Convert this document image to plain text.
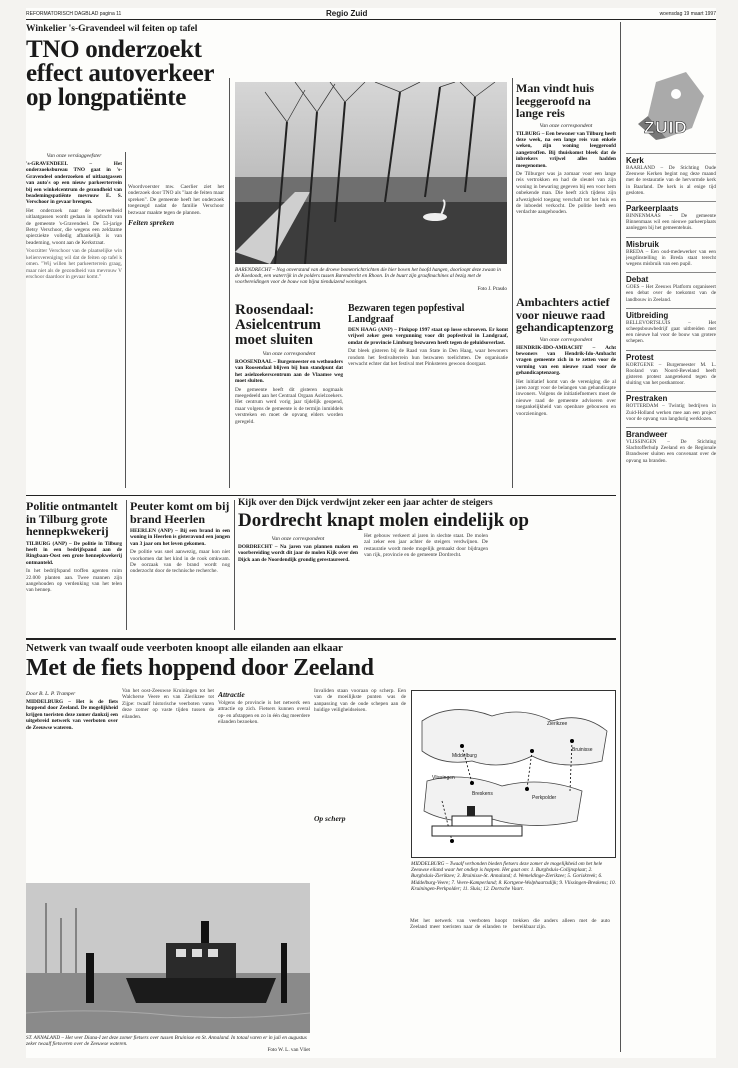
REFORMATORISCH DAGBLAD pagina 11	Regio Zuid	woensdag 19 maart 1997
Winkelier 's-Gravendeel wil feiten op tafel
TNO onderzoekt effect autoverkeer op longpatiënte
Van onze verslaggeefster
's-GRAVENDEEL – Het onderzoeksbureau TNO gaat in 's-Gravendeel onderzoeken of uitlaatgassen van auto's op een nieuw parkeerterrein bij een winkelcentrum de gezondheid van beademingspatiënte mevrouw E. S. Verschoor in gevaar brengen.
Het onderzoek naar de hoeveelheid uitlaatgassen wordt gedaan in opdracht van de gemeente 's-Gravendeel. De 53-jarige Betsy Verschoor, die wegens een zeldzame spierziekte volledig afhankelijk is van beademing, woont aan de Kerkstraat.
Voorzitter Verschoor van de plaatselijke winkeliersvereniging wil dat de feiten op tafel komen. "Wij willen het parkeerterrein graag, maar niet als de gezondheid van mevrouw Verschoor daardoor in gevaar komt."
Woordvoerster mw. Caerlier ziet het onderzoek door TNO als "laat de feiten maar spreken". De gemeente heeft het onderzoek toegezegd nadat de familie Verschoor bezwaar maakte tegen de plannen.
Feiten spreken
BARENDRECHT – Nog onverstand van de droeve bomenrichtrichten die hier boven het hoofd hangen, doorloopt deze zwaan in de Koedoodt, een waterrijk in de polders tussen Barendrecht en Rhoon. In de buurt zijn graafmachines al bezig met de voorbereidingen voor de bouw van bijna tienduizend woningen.
Foto J. Prasdo
Roosendaal: Asielcentrum moet sluiten
Van onze correspondent
ROOSENDAAL – Burgemeester en wethouders van Roosendaal blijven bij hun standpunt dat het asielzoekerscentrum aan de Vlaamse weg moet sluiten.
De gemeente heeft dit gisteren nogmaals meegedeeld aan het Centraal Orgaan Asielzoekers. Het centrum werd vorig jaar tijdelijk geopend, maar volgens de gemeente is de termijn inmiddels verstreken en moet de opvang elders worden geregeld.
Bezwaren tegen popfestival Landgraaf
DEN HAAG (ANP) – Pinkpop 1997 staat op losse schroeven. Er komt vrijwel zeker geen vergunning voor dit popfestival in Landgraaf, omdat de provincie Limburg bezwaren heeft tegen de geluidsoverlast.
Dat bleek gisteren bij de Raad van State in Den Haag, waar bewoners rondom het festivalterrein hun bezwaren toelichtten. De organisatie verwacht echter dat het festival met Pinksteren gewoon doorgaat.
Man vindt huis leeggeroofd na lange reis
Van onze correspondent
TILBURG – Een bewoner van Tilburg heeft deze week, na een lange reis van enkele weken, zijn woning leeggeroofd aangetroffen. Bij thuiskomst bleek dat de inbrekers vrijwel alles hadden meegenomen.
De Tilburger was ja zomaar voor een lange reis vertrokken en had de sleutel van zijn woning in bewaring gegeven bij een voor hem onbekende man. Die heeft zich tijdens zijn afwezigheid toegang verschaft tot het huis en de inboedel verkocht. De politie heeft een verdachte aangehouden.
Ambachters actief voor nieuwe raad gehandicaptenzorg
Van onze correspondent
HENDRIK-IDO-AMBACHT – Acht bewoners van Hendrik-Ido-Ambacht vragen gemeente zich in te zetten voor de vorming van een nieuwe raad voor de gehandicaptenzorg.
Het initiatief komt van de vereniging die al jaren zorgt voor de belangen van gehandicapte inwoners. Volgens de initiatiefnemers moet de nieuwe raad de gemeente adviseren over toegankelijkheid van openbare gebouwen en voorzieningen.
ZUID
Kerk
BAARLAND – De Stichting Oude Zeeuwse Kerken begint nog deze maand met de restauratie van de hervormde kerk in Baarland. De kerk is al enige tijd gesloten.
Parkeerplaats
BINNENMAAS – De gemeente Binnenmaas wil een nieuwe parkeerplaats aanleggen bij het gemeentehuis.
Misbruik
BREDA – Een oud-medewerker van een jeugdinstelling in Breda staat terecht wegens misbruik van een pupil.
Debat
GOES – Het Zeeuws Platform organiseert een debat over de toekomst van de landbouw in Zeeland.
Uitbreiding
BELLEVORTSLUIS – Het scheepsbouwbedrijf gaat uitbreiden met een nieuwe hal voor de bouw van grotere schepen.
Protest
KORTGENE – Burgemeester M. L. Rooland van Noord-Beveland heeft gisteren protest aangetekend tegen de sluiting van het postkantoor.
Prestraken
ROTTERDAM – Twintig bedrijven in Zuid-Holland werken mee aan een project voor de opvang van langdurig werklozen.
Brandweer
VLISSINGEN – De Stichting Slachtofferhulp Zeeland en de Regionale Brandweer sluiten een convenant over de opvang na branden.
Politie ontmantelt in Tilburg grote hennepkwekerij
TILBURG (ANP) – De politie in Tilburg heeft in een bedrijfspand aan de Ringbaan-Oost een grote hennepkwekerij ontmanteld.
In het bedrijfspand troffen agenten ruim 22.000 planten aan. Twee mannen zijn aangehouden op verdenking van het telen van hennep.
Peuter komt om bij brand Heerlen
HEERLEN (ANP) – Bij een brand in een woning in Heerlen is gisteravond een jongen van 3 jaar om het leven gekomen.
De politie was snel aanwezig, maar kon niet voorkomen dat het kind in de rook omkwam. De oorzaak van de brand wordt nog onderzocht door de technische recherche.
Kijk over den Dijck verdwijnt zeker een jaar achter de steigers
Dordrecht knapt molen eindelijk op
Van onze correspondent
DORDRECHT – Na jaren van plannen maken en voorbereiding wordt dit jaar de molen Kijk over den Dijck aan de Noordendijk grondig gerestaureerd.
Het gebouw verkeert al jaren in slechte staat. De molen zal zeker een jaar achter de steigers verdwijnen. De restauratie wordt mede mogelijk gemaakt door bijdragen van rijk, provincie en de gemeente Dordrecht.
Netwerk van twaalf oude veerboten knoopt alle eilanden aan elkaar
Met de fiets hoppend door Zeeland
Door B. L. P. Tramper
MIDDELBURG – Het is de fiets hoppend door Zeeland. De mogelijkheid krijgen toeristen deze zomer dankzij een uitgebreid netwerk van veerboten over de Zeeuwse wateren.
Van het oost-Zeeuwse Kruiningen tot het Walcherse Veere en van Zierikzee tot Zijpe: twaalf historische veerboten varen deze zomer op vaste tijden tussen de eilanden.
Attractie
Volgens de provincie is het netwerk een attractie op zich. Fietsers kunnen overal op- en afstappen en zo in één dag meerdere eilanden bezoeken.
Invaliden staan vooraan op scherp. Een van de moeilijkste punten was de aanpassing van de oude schepen aan de huidige veiligheidseisen.
Op scherp
Met het netwerk van veerboten hoopt Zeeland meer toeristen naar de eilanden te trekken die anders alleen met de auto bereikbaar zijn.
Zierikzee
Bruinisse
Middelburg
Vlissingen
Breskens
Perkpolder
MIDDELBURG – Twaalf verbonden bieden fietsers deze zomer de mogelijkheid om het hele Zeeuwse eiland waar het ondiep is hoppen. Het gaat om: 1. Burghsluis-Colijnsplaat; 2. Burghsluis-Zierikzee; 3. Bruinisse-St. Annaland; 4. Wemeldinge-Zierikzee; 5. Goriskreek; 6. Middelburg-Veere; 7. Veere-Kamperland; 8. Kortgene-Wolphaartsdijk; 9. Vlissingen-Breskens; 10. Kruiningen-Perkpolder; 11. Sluis; 12. Dortsche Vaart.
ST. ANNALAND – Het veer Diana-I zet deze zomer fietsers over tussen Bruinisse en St. Annaland. In totaal varen er in juli en augustus zeker twaalf fietsveren over de Zeeuwse wateren.
Foto W. L. van Vliet
